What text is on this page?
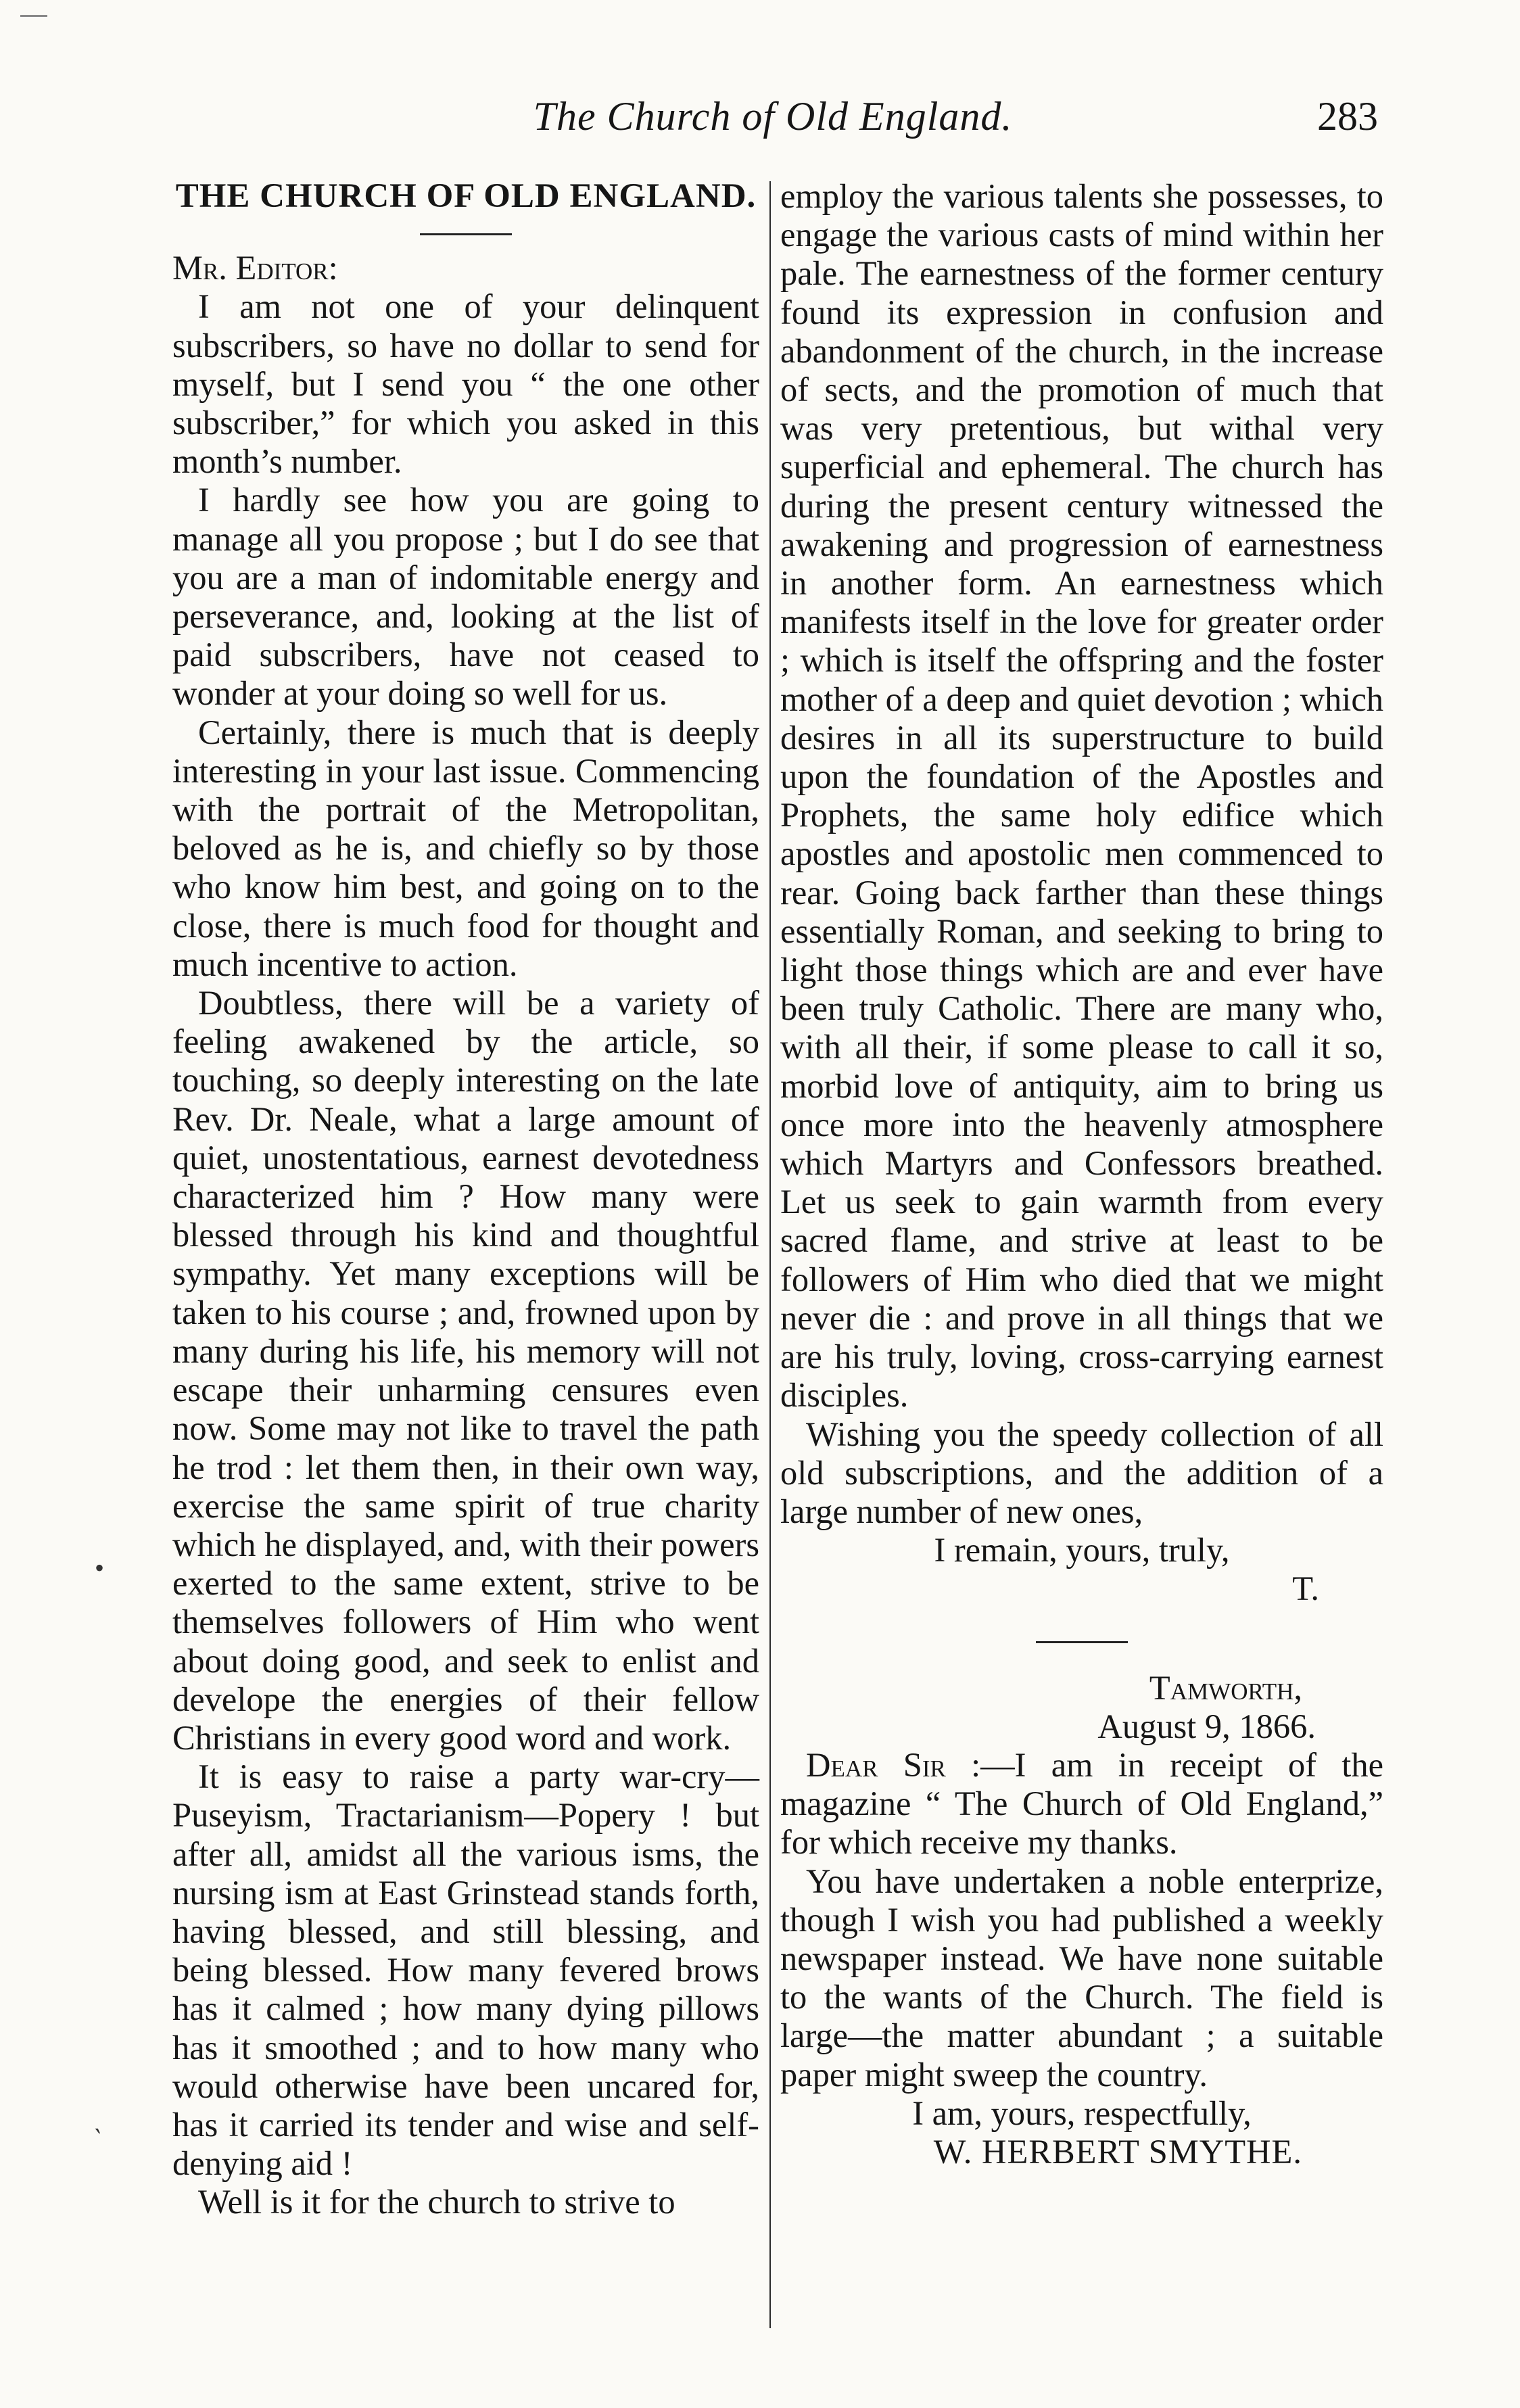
The Church of Old England.	283
•
‵
THE CHURCH OF OLD ENGLAND.

Mr. Editor:

I am not one of your delinquent subscribers, so have no dollar to send for myself, but I send you “ the one other subscriber,” for which you asked in this month’s number.

I hardly see how you are going to manage all you propose ; but I do see that you are a man of indomitable energy and perseverance, and, looking at the list of paid subscribers, have not ceased to wonder at your doing so well for us.

Certainly, there is much that is deeply interesting in your last issue. Commencing with the portrait of the Metropolitan, beloved as he is, and chiefly so by those who know him best, and going on to the close, there is much food for thought and much incentive to action.

Doubtless, there will be a variety of feeling awakened by the article, so touching, so deeply interesting on the late Rev. Dr. Neale, what a large amount of quiet, unostentatious, earnest devotedness characterized him ? How many were blessed through his kind and thoughtful sympathy. Yet many exceptions will be taken to his course ; and, frowned upon by many during his life, his memory will not escape their unharming censures even now. Some may not like to travel the path he trod : let them then, in their own way, exercise the same spirit of true charity which he displayed, and, with their powers exerted to the same extent, strive to be themselves followers of Him who went about doing good, and seek to enlist and develope the energies of their fellow Christians in every good word and work.

It is easy to raise a party war-cry—Puseyism, Tractarianism—Popery ! but after all, amidst all the various isms, the nursing ism at East Grinstead stands forth, having blessed, and still blessing, and being blessed. How many fevered brows has it calmed ; how many dying pillows has it smoothed ; and to how many who would otherwise have been uncared for, has it carried its tender and wise and self-denying aid !

Well is it for the church to strive to

employ the various talents she possesses, to engage the various casts of mind within her pale. The earnestness of the former century found its expression in confusion and abandonment of the church, in the increase of sects, and the promotion of much that was very pretentious, but withal very superficial and ephemeral. The church has during the present century witnessed the awakening and progression of earnestness in another form. An earnestness which manifests itself in the love for greater order ; which is itself the offspring and the foster mother of a deep and quiet devotion ; which desires in all its superstructure to build upon the foundation of the Apostles and Prophets, the same holy edifice which apostles and apostolic men commenced to rear. Going back farther than these things essentially Roman, and seeking to bring to light those things which are and ever have been truly Catholic. There are many who, with all their, if some please to call it so, morbid love of antiquity, aim to bring us once more into the heavenly atmosphere which Martyrs and Confessors breathed. Let us seek to gain warmth from every sacred flame, and strive at least to be followers of Him who died that we might never die : and prove in all things that we are his truly, loving, cross-carrying earnest disciples.

Wishing you the speedy collection of all old subscriptions, and the addition of a large number of new ones,

I remain, yours, truly,

T.

Tamworth,

August 9, 1866.

Dear Sir :—I am in receipt of the magazine “ The Church of Old England,” for which receive my thanks.

You have undertaken a noble enterprize, though I wish you had published a weekly newspaper instead. We have none suitable to the wants of the Church. The field is large—the matter abundant ; a suitable paper might sweep the country.

I am, yours, respectfully,

W. HERBERT SMYTHE.
